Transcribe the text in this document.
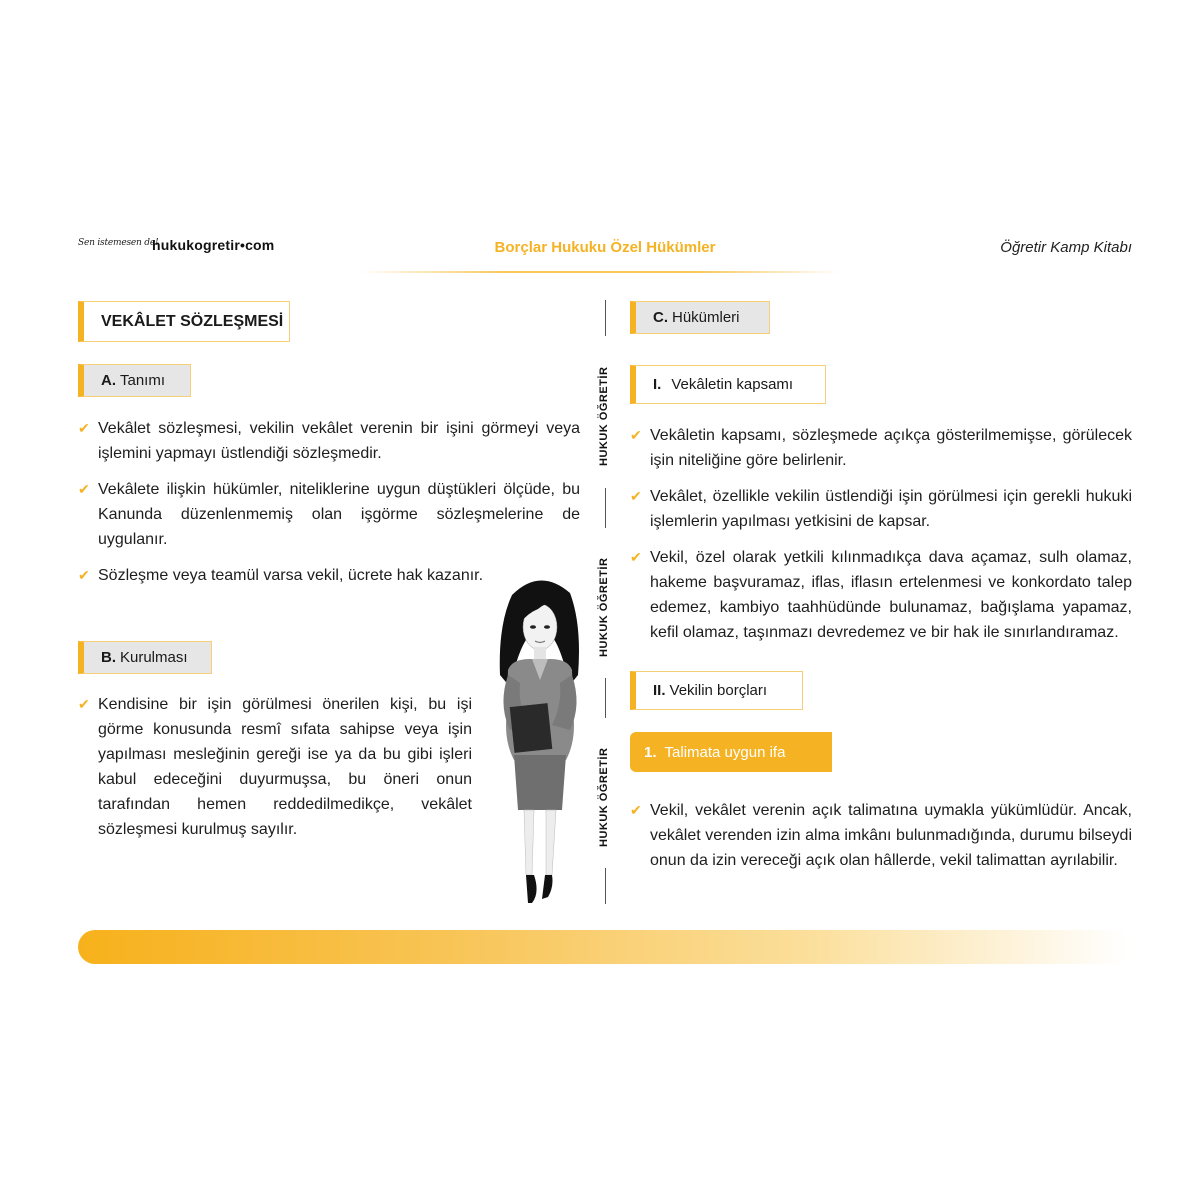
Sen istemesen de!
hukukogretir•com	Borçlar Hukuku Özel Hükümler	Öğretir Kamp Kitabı
VEKÂLET SÖZLEŞMESİ
A. Tanımı
✔ Vekâlet sözleşmesi, vekilin vekâlet verenin bir işini görmeyi veya işlemini yapmayı üstlendiği sözleşmedir.
✔ Vekâlete ilişkin hükümler, niteliklerine uygun düştükleri ölçüde, bu Kanunda düzenlenmemiş olan işgörme sözleşmelerine de uygulanır.
✔ Sözleşme veya teamül varsa vekil, ücrete hak kazanır.
B. Kurulması
✔ Kendisine bir işin görülmesi önerilen kişi, bu işi görme konusunda resmî sıfata sahipse veya işin yapılması mesleğinin gereği ise ya da bu gibi işleri kabul edeceğini duyurmuşsa, bu öneri onun tarafından hemen reddedilmedikçe, vekâlet sözleşmesi kurulmuş sayılır.
HUKUK ÖĞRETİR
HUKUK ÖĞRETİR
HUKUK ÖĞRETİR
C. Hükümleri
I. Vekâletin kapsamı
✔ Vekâletin kapsamı, sözleşmede açıkça gösterilmemişse, görülecek işin niteliğine göre belirlenir.
✔ Vekâlet, özellikle vekilin üstlendiği işin görülmesi için gerekli hukuki işlemlerin yapılması yetkisini de kapsar.
✔ Vekil, özel olarak yetkili kılınmadıkça dava açamaz, sulh olamaz, hakeme başvuramaz, iflas, iflasın ertelenmesi ve konkordato talep edemez, kambiyo taahhüdünde bulunamaz, bağışlama yapamaz, kefil olamaz, taşınmazı devredemez ve bir hak ile sınırlandıramaz.
II. Vekilin borçları
1. Talimata uygun ifa
✔ Vekil, vekâlet verenin açık talimatına uymakla yükümlüdür. Ancak, vekâlet verenden izin alma imkânı bulunmadığında, durumu bilseydi onun da izin vereceği açık olan hâllerde, vekil talimattan ayrılabilir.
